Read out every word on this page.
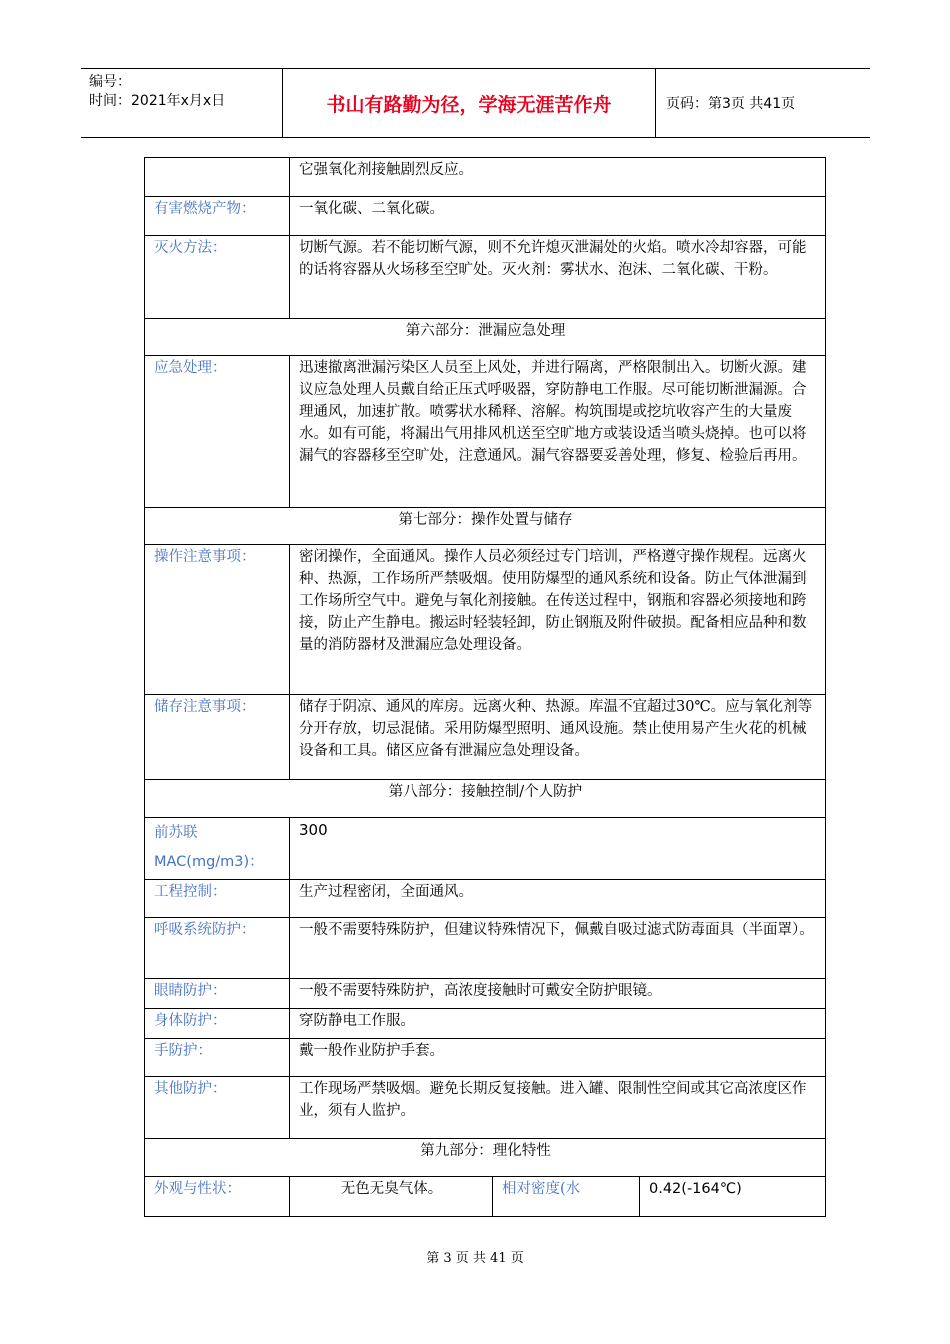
编号：
时间：2021年x月x日	书山有路勤为径，学海无涯苦作舟	页码：第3页 共41页
	它强氧化剂接触剧烈反应。		
有害燃烧产物：	一氧化碳、二氧化碳。		
灭火方法：	切断气源。若不能切断气源，则不允许熄灭泄漏处的火焰。喷水冷却容器，可能的话将容器从火场移至空旷处。灭火剂：雾状水、泡沫、二氧化碳、干粉。		
第六部分：泄漏应急处理			
应急处理：	迅速撤离泄漏污染区人员至上风处，并进行隔离，严格限制出入。切断火源。建议应急处理人员戴自给正压式呼吸器，穿防静电工作服。尽可能切断泄漏源。合理通风，加速扩散。喷雾状水稀释、溶解。构筑围堤或挖坑收容产生的大量废水。如有可能，将漏出气用排风机送至空旷地方或装设适当喷头烧掉。也可以将漏气的容器移至空旷处，注意通风。漏气容器要妥善处理，修复、检验后再用。		
第七部分：操作处置与储存			
操作注意事项：	密闭操作，全面通风。操作人员必须经过专门培训，严格遵守操作规程。远离火种、热源，工作场所严禁吸烟。使用防爆型的通风系统和设备。防止气体泄漏到工作场所空气中。避免与氧化剂接触。在传送过程中，钢瓶和容器必须接地和跨接，防止产生静电。搬运时轻装轻卸，防止钢瓶及附件破损。配备相应品种和数量的消防器材及泄漏应急处理设备。		
储存注意事项：	储存于阴凉、通风的库房。远离火种、热源。库温不宜超过30℃。应与氧化剂等分开存放，切忌混储。采用防爆型照明、通风设施。禁止使用易产生火花的机械设备和工具。储区应备有泄漏应急处理设备。		
第八部分：接触控制/个人防护			
前苏联
MAC(mg/m3)：	300		
工程控制：	生产过程密闭，全面通风。		
呼吸系统防护：	一般不需要特殊防护，但建议特殊情况下，佩戴自吸过滤式防毒面具（半面罩）。		
眼睛防护：	一般不需要特殊防护，高浓度接触时可戴安全防护眼镜。		
身体防护：	穿防静电工作服。		
手防护：	戴一般作业防护手套。		
其他防护：	工作现场严禁吸烟。避免长期反复接触。进入罐、限制性空间或其它高浓度区作业，须有人监护。		
第九部分：理化特性			
外观与性状：	无色无臭气体。	相对密度(水	0.42(-164℃)
第 3 页 共 41 页
